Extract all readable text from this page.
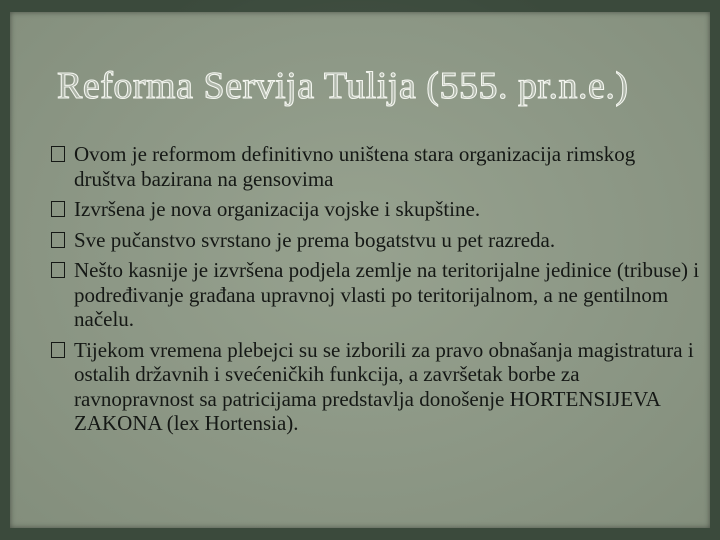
Reforma Servija Tulija (555. pr.n.e.)
Ovom je reformom definitivno uništena stara organizacija rimskog društva bazirana na gensovima
Izvršena je nova organizacija vojske i skupštine.
Sve pučanstvo svrstano je prema bogatstvu u pet razreda.
Nešto kasnije je izvršena podjela zemlje na teritorijalne jedinice (tribuse) i podređivanje građana upravnoj vlasti po teritorijalnom, a ne gentilnom načelu.
Tijekom vremena plebejci su se izborili za pravo obnašanja magistratura i ostalih državnih i svećeničkih funkcija, a završetak borbe za ravnopravnost sa patricijama predstavlja donošenje HORTENSIJEVA ZAKONA (lex Hortensia).
